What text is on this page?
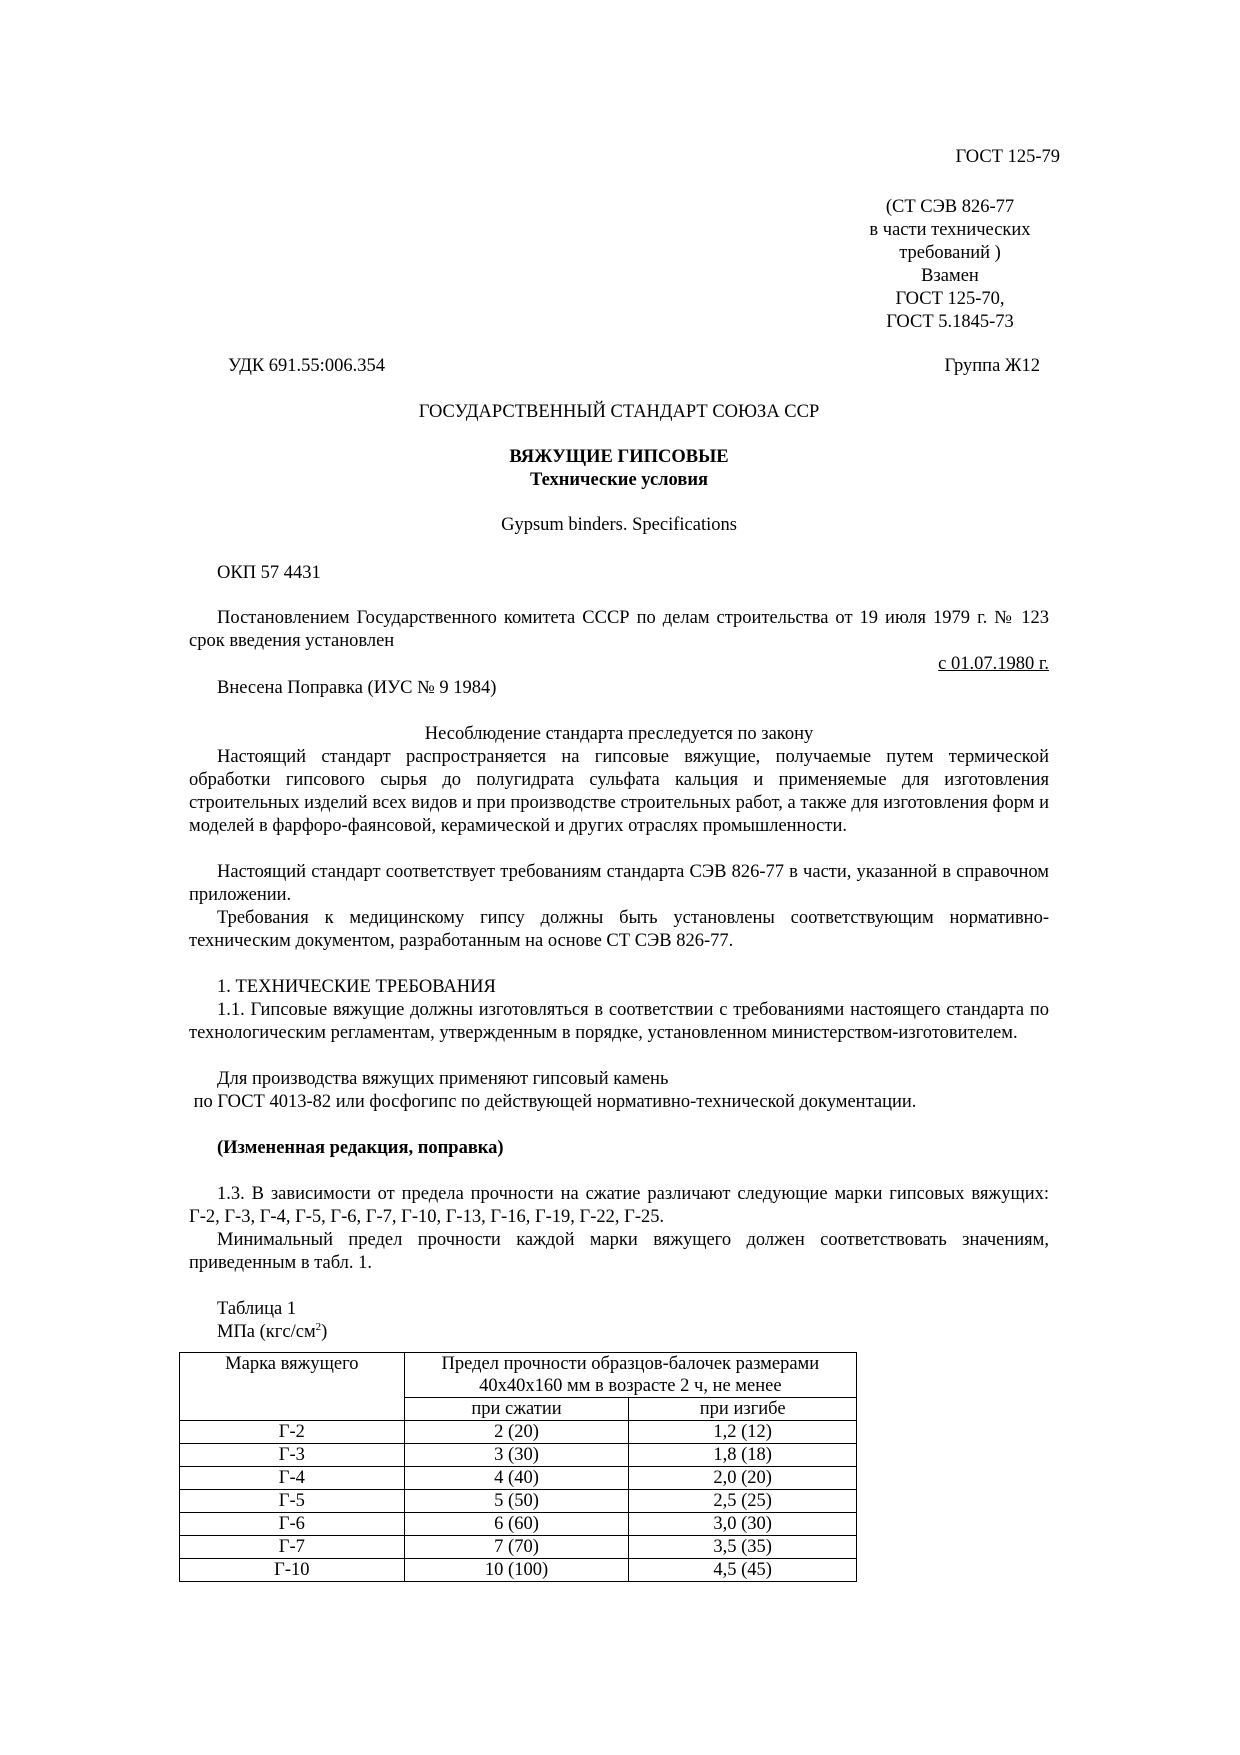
ГОСТ 125-79

(СТ СЭВ 826-77
в части технических
требований )
Взамен
ГОСТ 125-70,
ГОСТ 5.1845-73

УДК 691.55:006.354	Группа Ж12

ГОСУДАРСТВЕННЫЙ СТАНДАРТ СОЮЗА ССР

ВЯЖУЩИЕ ГИПСОВЫЕ

Технические условия

Gypsum binders. Specifications

ОКП 57 4431

Постановлением Государственного комитета СССР по делам строительства от 19 июля 1979 г. № 123 срок введения установлен

с 01.07.1980 г.

Внесена Поправка (ИУС № 9 1984)

Несоблюдение стандарта преследуется по закону

Настоящий стандарт распространяется на гипсовые вяжущие, получаемые путем термической обработки гипсового сырья до полугидрата сульфата кальция и применяемые для изготовления строительных изделий всех видов и при производстве строительных работ, а также для изготовления форм и моделей в фарфоро-фаянсовой, керамической и других отраслях промышленности.

Настоящий стандарт соответствует требованиям стандарта СЭВ 826-77 в части, указанной в справочном приложении.

Требования к медицинскому гипсу должны быть установлены соответствующим нормативно-техническим документом, разработанным на основе СТ СЭВ 826-77.

1. ТЕХНИЧЕСКИЕ ТРЕБОВАНИЯ

1.1. Гипсовые вяжущие должны изготовляться в соответствии с требованиями настоящего стандарта по технологическим регламентам, утвержденным в порядке, установленном министерством-изготовителем.

Для производства вяжущих применяют гипсовый камень

по ГОСТ 4013-82 или фосфогипс по действующей нормативно-технической документации.

(Измененная редакция, поправка)

1.3. В зависимости от предела прочности на сжатие различают следующие марки гипсовых вяжущих: Г-2, Г-3, Г-4, Г-5, Г-6, Г-7, Г-10, Г-13, Г-16, Г-19, Г-22, Г-25.

Минимальный предел прочности каждой марки вяжущего должен соответствовать значениям, приведенным в табл. 1.

Таблица 1

МПа $(кгс/см^2)$

Марка вяжущего	Предел прочности образцов-балочек размерами
40х40х160 мм в возрасте 2 ч, не менее	

	при сжатии	при изгибе
Г-2	2 (20)	1,2 (12)
Г-3	3 (30)	1,8 (18)
Г-4	4 (40)	2,0 (20)
Г-5	5 (50)	2,5 (25)
Г-6	6 (60)	3,0 (30)
Г-7	7 (70)	3,5 (35)
Г-10	10 (100)	4,5 (45)
